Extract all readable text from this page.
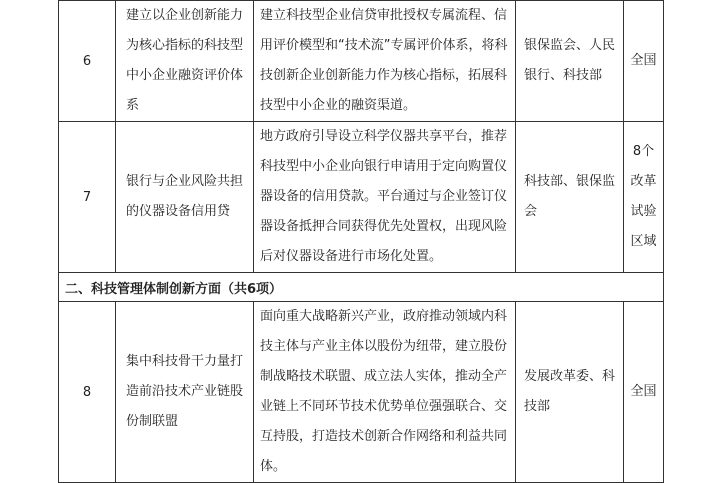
6	建立以企业创新能力为核心指标的科技型中小企业融资评价体系	建立科技型企业信贷审批授权专属流程、信用评价模型和“技术流”专属评价体系，将科技创新企业创新能力作为核心指标，拓展科技型中小企业的融资渠道。	银保监会、人民银行、科技部	全国
7	银行与企业风险共担的仪器设备信用贷	地方政府引导设立科学仪器共享平台，推荐科技型中小企业向银行申请用于定向购置仪器设备的信用贷款。平台通过与企业签订仪器设备抵押合同获得优先处置权，出现风险后对仪器设备进行市场化处置。	科技部、银保监会	8个改革试验区域
二、科技管理体制创新方面（共6项）				
8	集中科技骨干力量打造前沿技术产业链股份制联盟	面向重大战略新兴产业，政府推动领域内科技主体与产业主体以股份为纽带，建立股份制战略技术联盟、成立法人实体，推动全产业链上不同环节技术优势单位强强联合、交互持股，打造技术创新合作网络和利益共同体。	发展改革委、科技部	全国
